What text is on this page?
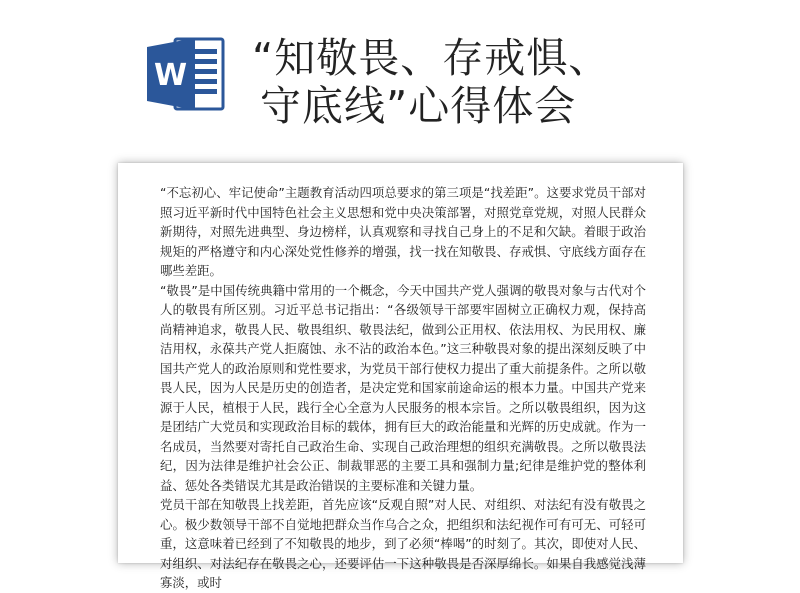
W “知敬畏、存戒惧、
守底线”心得体会

“不忘初心、牢记使命”主题教育活动四项总要求的第三项是“找差距”。这要求党员干部对照习近平新时代中国特色社会主义思想和党中央决策部署，对照党章党规，对照人民群众新期待，对照先进典型、身边榜样，认真观察和寻找自己身上的不足和欠缺。着眼于政治规矩的严格遵守和内心深处党性修养的增强，找一找在知敬畏、存戒惧、守底线方面存在哪些差距。

“敬畏”是中国传统典籍中常用的一个概念，今天中国共产党人强调的敬畏对象与古代对个人的敬畏有所区别。习近平总书记指出：“各级领导干部要牢固树立正确权力观，保持高尚精神追求，敬畏人民、敬畏组织、敬畏法纪，做到公正用权、依法用权、为民用权、廉洁用权，永葆共产党人拒腐蚀、永不沾的政治本色。”这三种敬畏对象的提出深刻反映了中国共产党人的政治原则和党性要求，为党员干部行使权力提出了重大前提条件。之所以敬畏人民，因为人民是历史的创造者，是决定党和国家前途命运的根本力量。中国共产党来源于人民，植根于人民，践行全心全意为人民服务的根本宗旨。之所以敬畏组织，因为这是团结广大党员和实现政治目标的载体，拥有巨大的政治能量和光辉的历史成就。作为一名成员，当然要对寄托自己政治生命、实现自己政治理想的组织充满敬畏。之所以敬畏法纪，因为法律是维护社会公正、制裁罪恶的主要工具和强制力量;纪律是维护党的整体利益、惩处各类错误尤其是政治错误的主要标准和关键力量。

党员干部在知敬畏上找差距，首先应该“反观自照”对人民、对组织、对法纪有没有敬畏之心。极少数领导干部不自觉地把群众当作乌合之众，把组织和法纪视作可有可无、可轻可重，这意味着已经到了不知敬畏的地步，到了必须“棒喝”的时刻了。其次，即使对人民、对组织、对法纪存在敬畏之心，还要评估一下这种敬畏是否深厚绵长。如果自我感觉浅薄寡淡，或时
